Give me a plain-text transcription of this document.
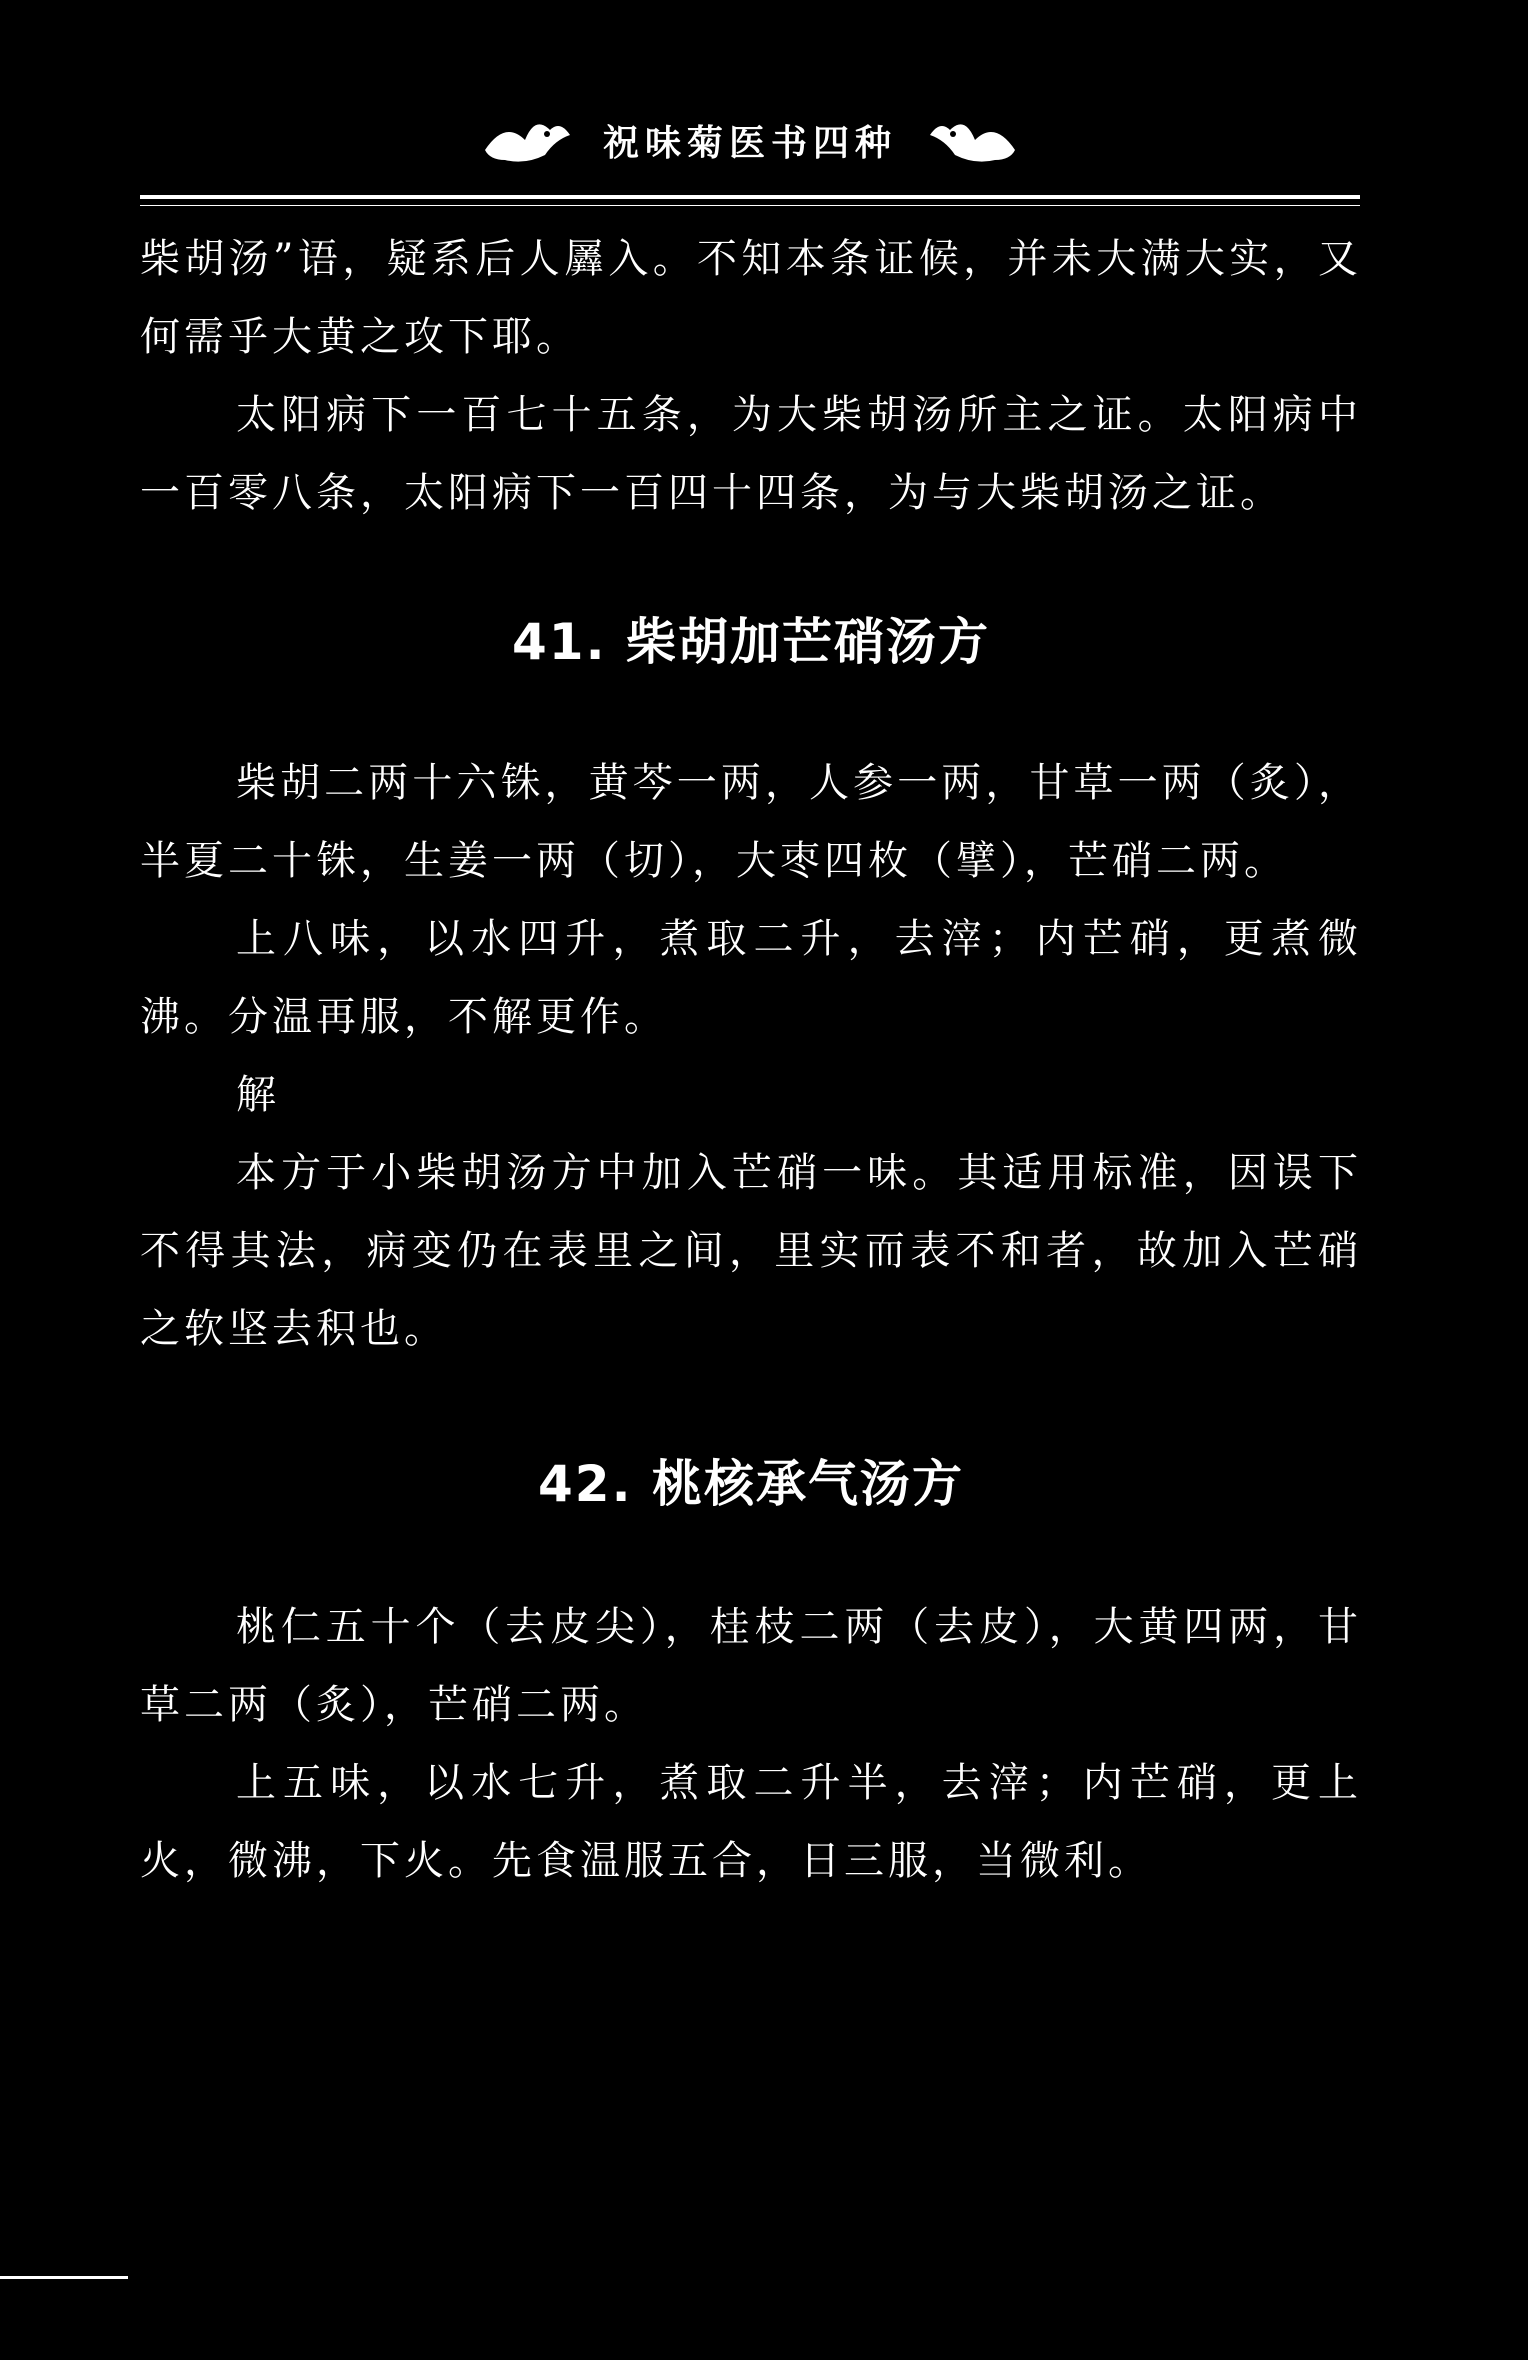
祝味菊医书四种

柴胡汤”语，疑系后人羼入。不知本条证候，并未大满大实，又何需乎大黄之攻下耶。

太阳病下一百七十五条，为大柴胡汤所主之证。太阳病中一百零八条，太阳病下一百四十四条，为与大柴胡汤之证。

41. 柴胡加芒硝汤方

柴胡二两十六铢，黄芩一两，人参一两，甘草一两（炙），半夏二十铢，生姜一两（切），大枣四枚（擘），芒硝二两。

上八味，以水四升，煮取二升，去滓；内芒硝，更煮微沸。分温再服，不解更作。

解

本方于小柴胡汤方中加入芒硝一味。其适用标准，因误下不得其法，病变仍在表里之间，里实而表不和者，故加入芒硝之软坚去积也。

42. 桃核承气汤方

桃仁五十个（去皮尖），桂枝二两（去皮），大黄四两，甘草二两（炙），芒硝二两。

上五味，以水七升，煮取二升半，去滓；内芒硝，更上火，微沸，下火。先食温服五合，日三服，当微利。
